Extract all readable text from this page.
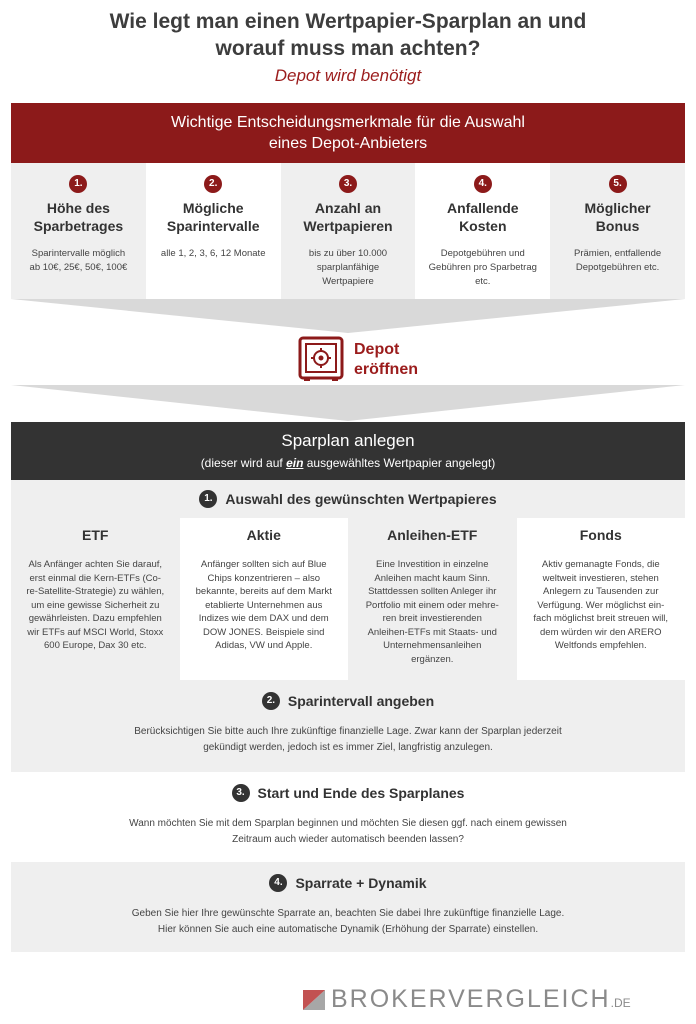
Wie legt man einen Wertpapier-Sparplan an und
worauf muss man achten?
Depot wird benötigt
Wichtige Entscheidungsmerkmale für die Auswahl
eines Depot-Anbieters
1.
Höhe des
Sparbetrages
Sparintervalle möglich
ab 10€, 25€, 50€, 100€
2.
Mögliche
Sparintervalle
alle 1, 2, 3, 6, 12 Monate
3.
Anzahl an
Wertpapieren
bis zu über 10.000
sparplanfähige
Wertpapiere
4.
Anfallende
Kosten
Depotgebühren und
Gebühren pro Sparbetrag
etc.
5.
Möglicher
Bonus
Prämien, entfallende
Depotgebühren etc.
Depot
eröffnen
Sparplan anlegen
(dieser wird auf ein ausgewähltes Wertpapier angelegt)
1. Auswahl des gewünschten Wertpapieres
ETF
Als Anfänger achten Sie darauf,
erst einmal die Kern-ETFs (Co-
re-Satellite-Strategie) zu wählen,
um eine gewisse Sicherheit zu
gewährleisten. Dazu empfehlen
wir ETFs auf MSCI World, Stoxx
600 Europe, Dax 30 etc.
Aktie
Anfänger sollten sich auf Blue
Chips konzentrieren – also
bekannte, bereits auf dem Markt
etablierte Unternehmen aus
Indizes wie dem DAX und dem
DOW JONES. Beispiele sind
Adidas, VW und Apple.
Anleihen-ETF
Eine Investition in einzelne
Anleihen macht kaum Sinn.
Stattdessen sollten Anleger ihr
Portfolio mit einem oder mehre-
ren breit investierenden
Anleihen-ETFs mit Staats- und
Unternehmensanleihen
ergänzen.
Fonds
Aktiv gemanagte Fonds, die
weltweit investieren, stehen
Anlegern zu Tausenden zur
Verfügung. Wer möglichst ein-
fach möglichst breit streuen will,
dem würden wir den ARERO
Weltfonds empfehlen.
2. Sparintervall angeben
Berücksichtigen Sie bitte auch Ihre zukünftige finanzielle Lage. Zwar kann der Sparplan jederzeit
gekündigt werden, jedoch ist es immer Ziel, langfristig anzulegen.
3. Start und Ende des Sparplanes
Wann möchten Sie mit dem Sparplan beginnen und möchten Sie diesen ggf. nach einem gewissen
Zeitraum auch wieder automatisch beenden lassen?
4. Sparrate + Dynamik
Geben Sie hier Ihre gewünschte Sparrate an, beachten Sie dabei Ihre zukünftige finanzielle Lage.
Hier können Sie auch eine automatische Dynamik (Erhöhung der Sparrate) einstellen.
BROKERVERGLEICH.DE
